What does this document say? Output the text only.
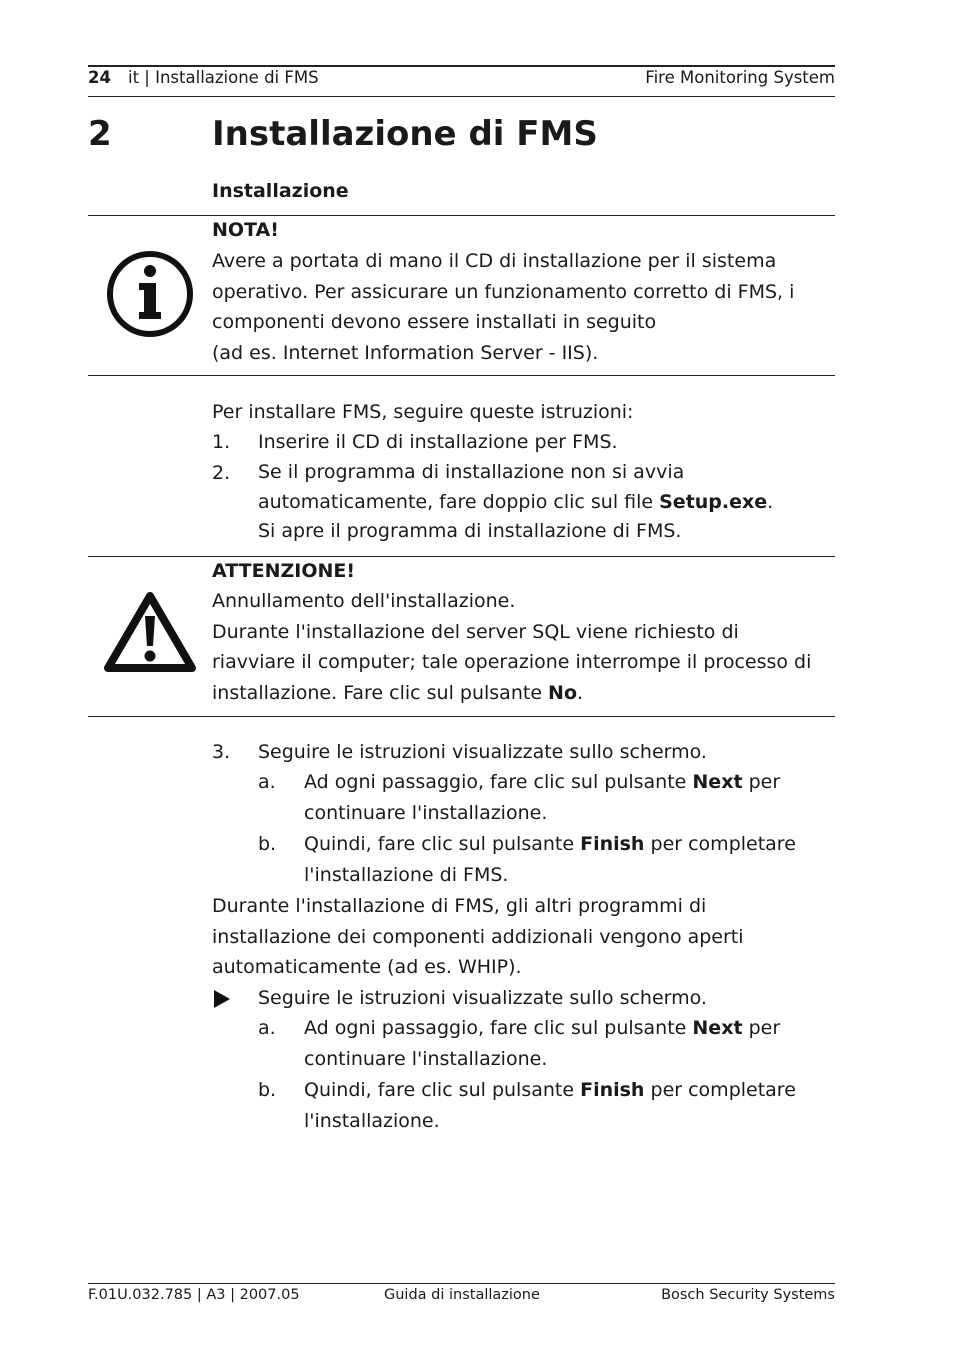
24 it | Installazione di FMS	Fire Monitoring System
2	Installazione di FMS
Installazione
NOTA!
Avere a portata di mano il CD di installazione per il sistema
operativo. Per assicurare un funzionamento corretto di FMS, i
componenti devono essere installati in seguito
(ad es. Internet Information Server - IIS).
Per installare FMS, seguire queste istruzioni:
1. Inserire il CD di installazione per FMS.
2. Se il programma di installazione non si avvia
automaticamente, fare doppio clic sul file Setup.exe.
Si apre il programma di installazione di FMS.
ATTENZIONE!
Annullamento dell'installazione.
Durante l'installazione del server SQL viene richiesto di
riavviare il computer; tale operazione interrompe il processo di
installazione. Fare clic sul pulsante No.
3. Seguire le istruzioni visualizzate sullo schermo.
a. Ad ogni passaggio, fare clic sul pulsante Next per
continuare l'installazione.
b. Quindi, fare clic sul pulsante Finish per completare
l'installazione di FMS.
Durante l'installazione di FMS, gli altri programmi di
installazione dei componenti addizionali vengono aperti
automaticamente (ad es. WHIP).
Seguire le istruzioni visualizzate sullo schermo.
a. Ad ogni passaggio, fare clic sul pulsante Next per
continuare l'installazione.
b. Quindi, fare clic sul pulsante Finish per completare
l'installazione.
F.01U.032.785 | A3 | 2007.05	Guida di installazione	Bosch Security Systems
